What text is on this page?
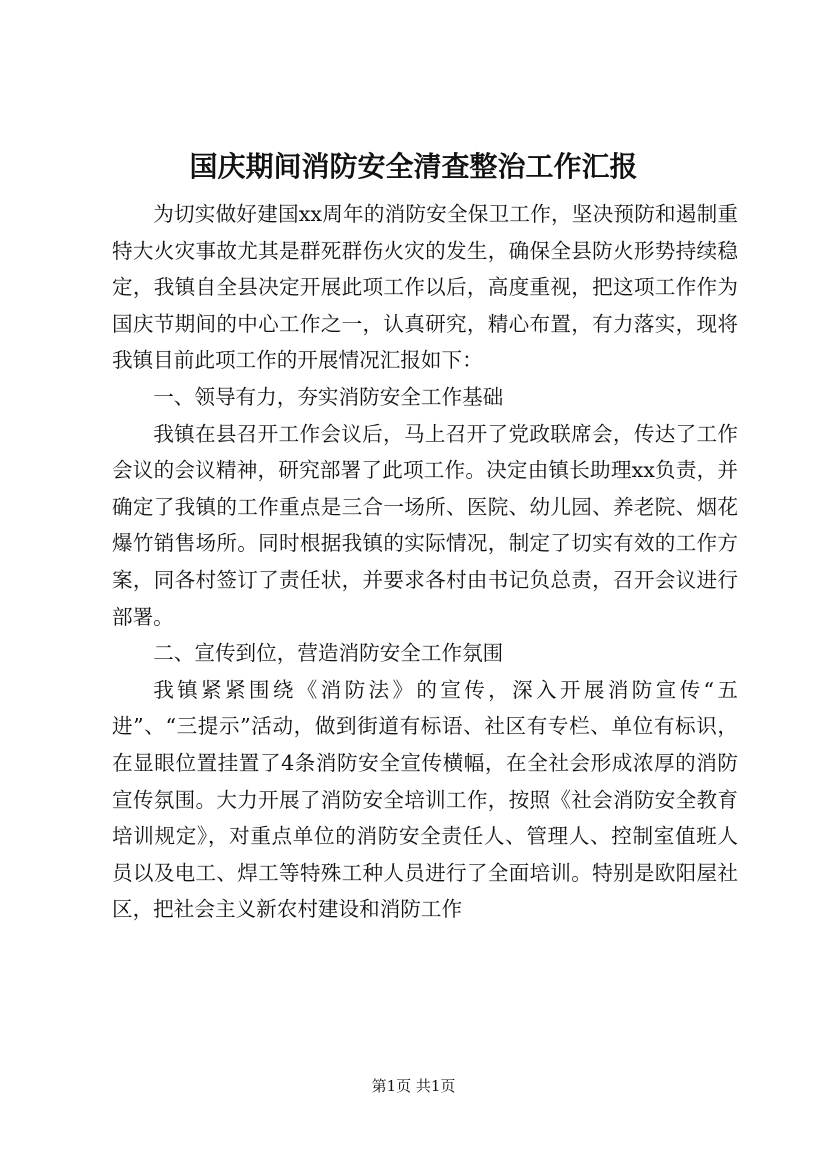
国庆期间消防安全清查整治工作汇报

为切实做好建国xx周年的消防安全保卫工作，坚决预防和遏制重特大火灾事故尤其是群死群伤火灾的发生，确保全县防火形势持续稳定，我镇自全县决定开展此项工作以后，高度重视，把这项工作作为国庆节期间的中心工作之一，认真研究，精心布置，有力落实，现将我镇目前此项工作的开展情况汇报如下：

一、领导有力，夯实消防安全工作基础

我镇在县召开工作会议后，马上召开了党政联席会，传达了工作会议的会议精神，研究部署了此项工作。决定由镇长助理xx负责，并确定了我镇的工作重点是三合一场所、医院、幼儿园、养老院、烟花爆竹销售场所。同时根据我镇的实际情况，制定了切实有效的工作方案，同各村签订了责任状，并要求各村由书记负总责，召开会议进行部署。

二、宣传到位，营造消防安全工作氛围

我镇紧紧围绕《消防法》的宣传，深入开展消防宣传“五进”、“三提示”活动，做到街道有标语、社区有专栏、单位有标识，在显眼位置挂置了4条消防安全宣传横幅，在全社会形成浓厚的消防宣传氛围。大力开展了消防安全培训工作，按照《社会消防安全教育培训规定》，对重点单位的消防安全责任人、管理人、控制室值班人员以及电工、焊工等特殊工种人员进行了全面培训。特别是欧阳屋社区，把社会主义新农村建设和消防工作

第1页 共1页
